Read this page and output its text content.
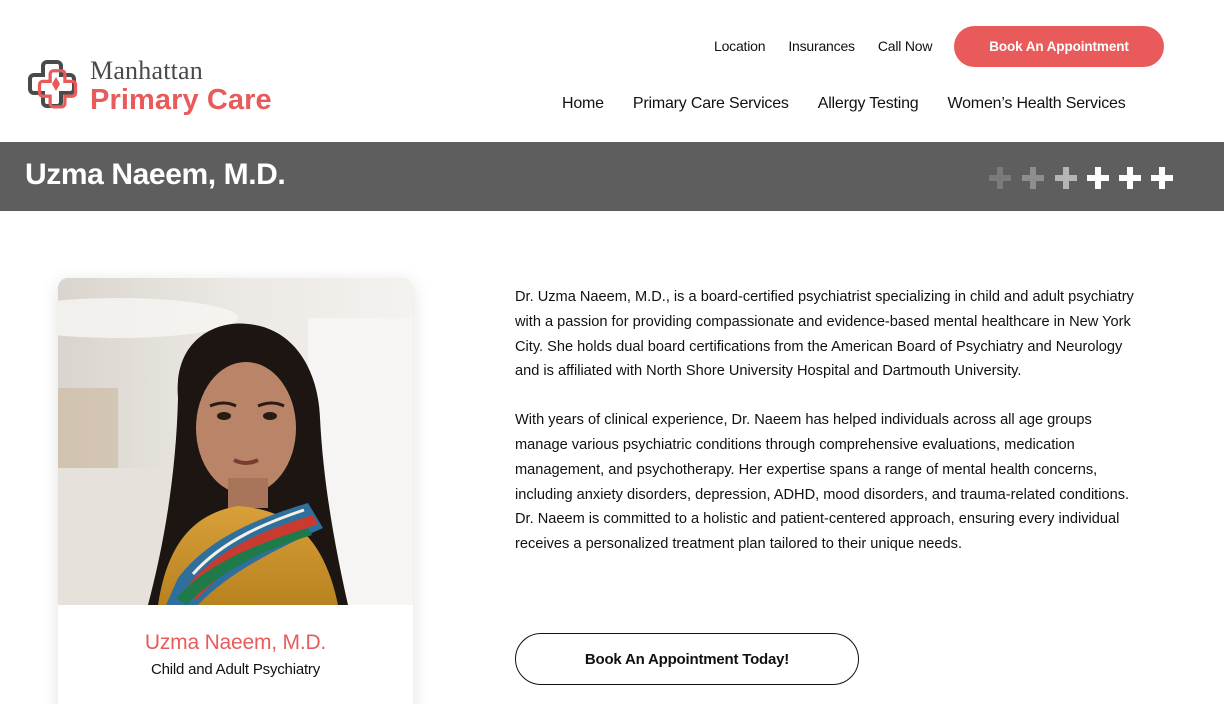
Manhattan
Primary Care
Location Insurances Call Now	Book An Appointment
Home Primary Care Services Allergy Testing Women’s Health Services
Uzma Naeem, M.D.
Uzma Naeem, M.D.
Child and Adult Psychiatry

Dr. Uzma Naeem, M.D., is a board-certified psychiatrist specializing in child and adult psychiatry with a passion for providing compassionate and evidence-based mental healthcare in New York City. She holds dual board certifications from the American Board of Psychiatry and Neurology and is affiliated with North Shore University Hospital and Dartmouth University.

With years of clinical experience, Dr. Naeem has helped individuals across all age groups manage various psychiatric conditions through comprehensive evaluations, medication management, and psychotherapy. Her expertise spans a range of mental health concerns, including anxiety disorders, depression, ADHD, mood disorders, and trauma-related conditions. Dr. Naeem is committed to a holistic and patient-centered approach, ensuring every individual receives a personalized treatment plan tailored to their unique needs.

Book An Appointment Today!
